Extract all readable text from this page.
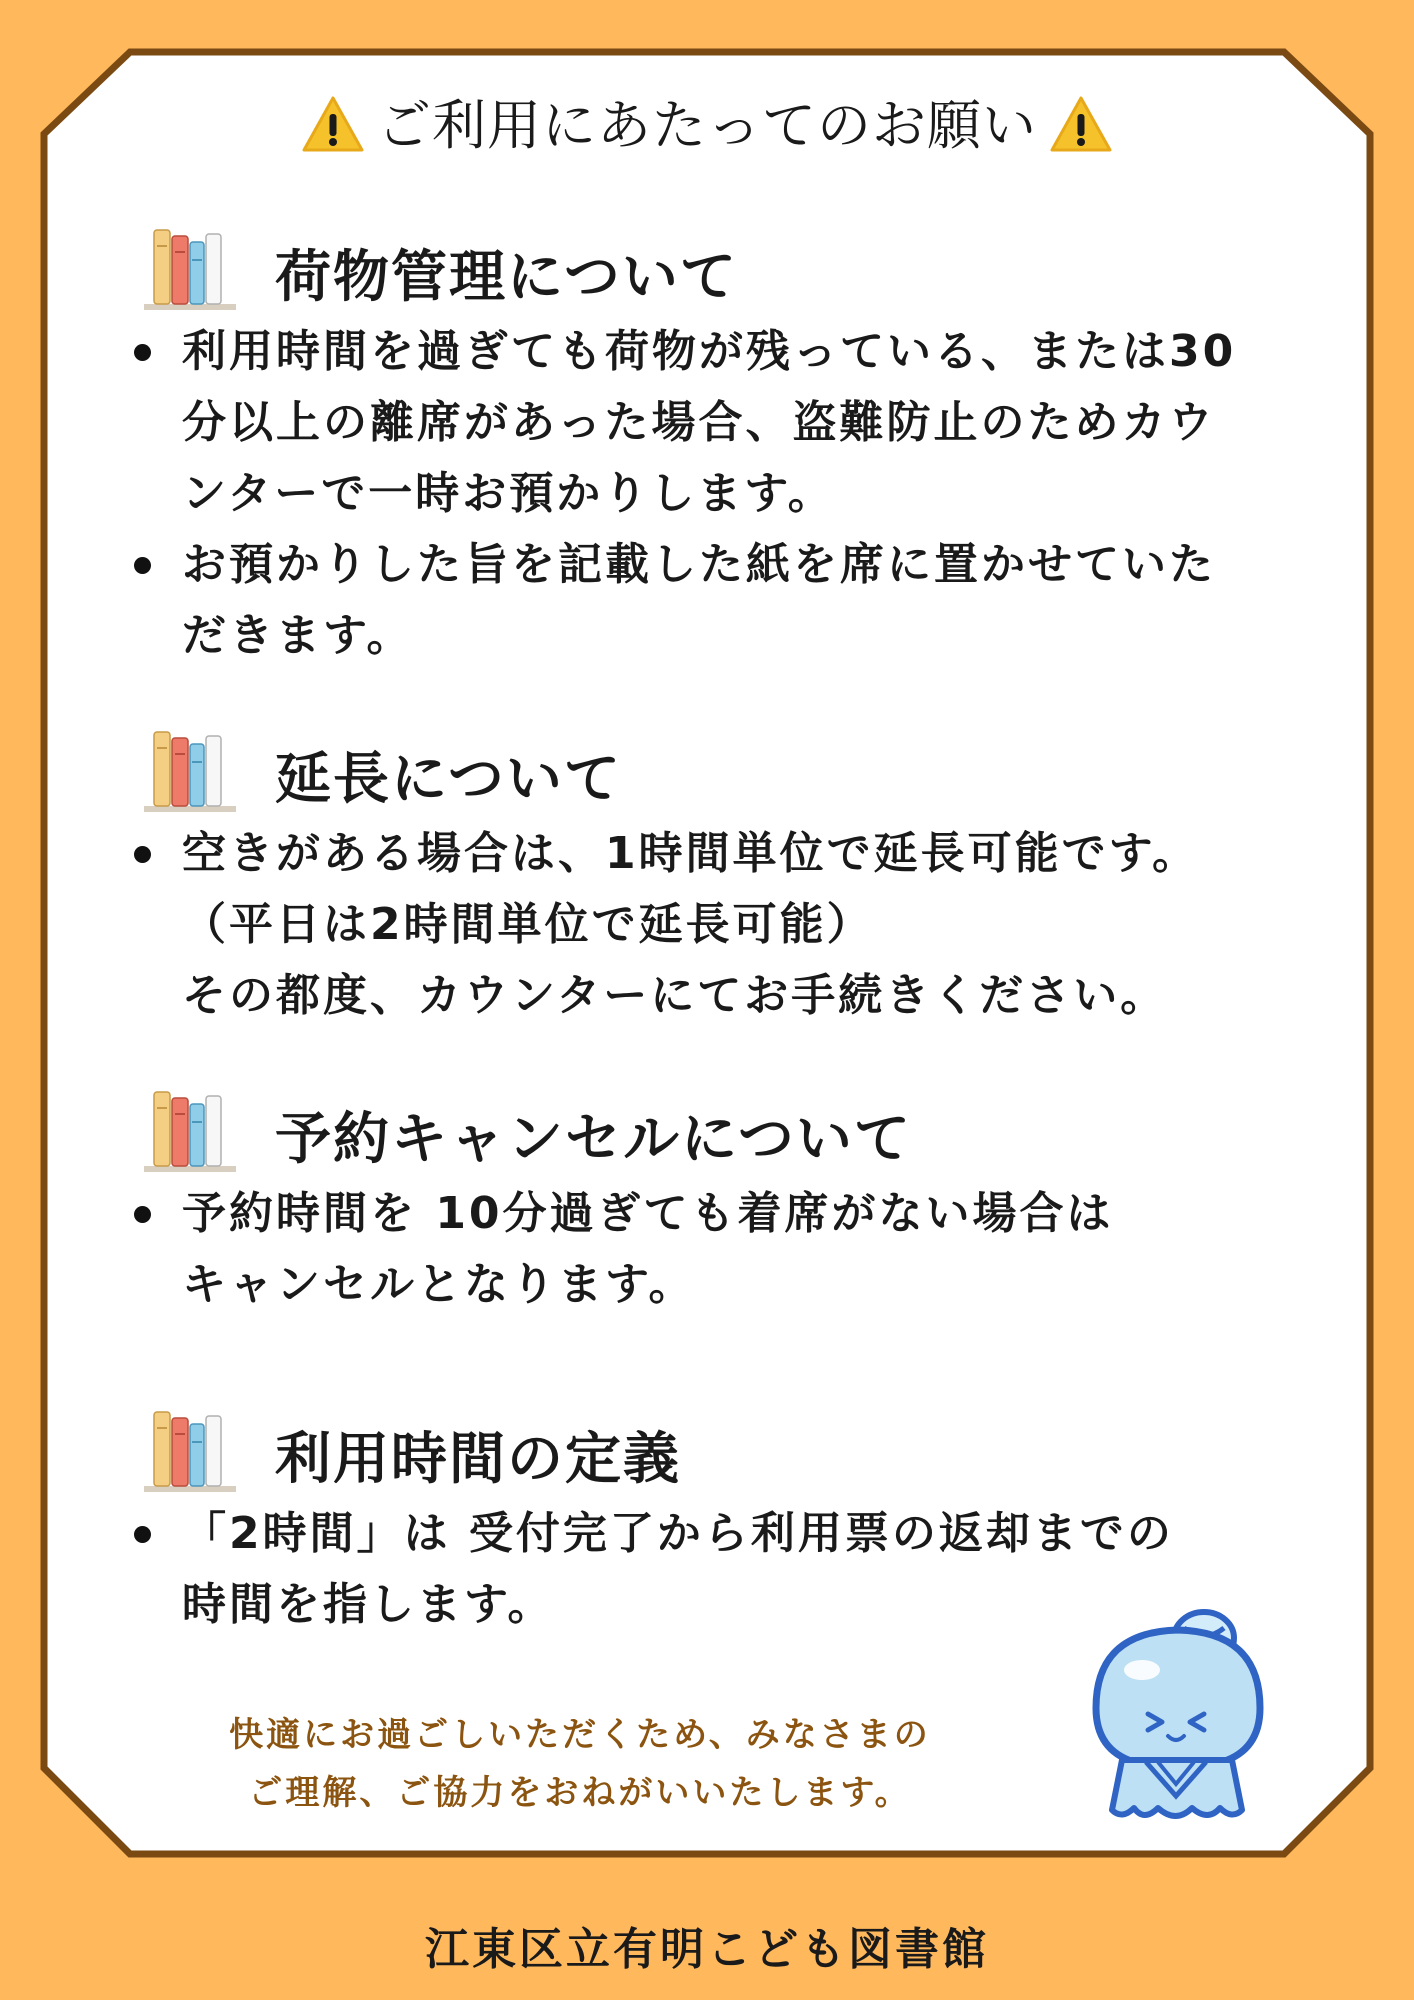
ご利用にあたってのお願い
荷物管理について
利用時間を過ぎても荷物が残っている、または30
分以上の離席があった場合、盗難防止のためカウ
ンターで一時お預かりします。
お預かりした旨を記載した紙を席に置かせていた
だきます。
延長について
空きがある場合は、1時間単位で延長可能です。
（平日は2時間単位で延長可能）
その都度、カウンターにてお手続きください。
予約キャンセルについて
予約時間を 10分過ぎても着席がない場合は
キャンセルとなります。
利用時間の定義
「2時間」は 受付完了から利用票の返却までの
時間を指します。
快適にお過ごしいただくため、みなさまの
ご理解、ご協力をおねがいいたします。
江東区立有明こども図書館
